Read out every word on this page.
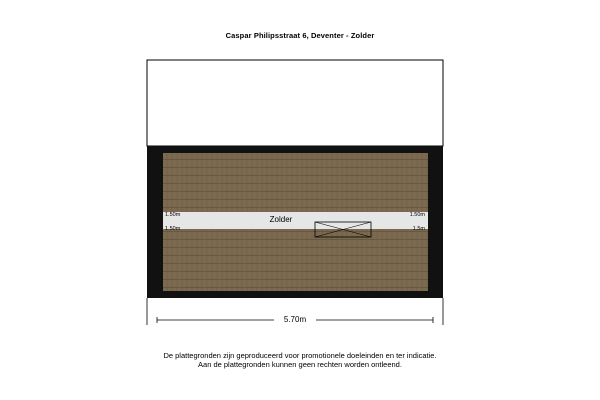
Caspar Philipsstraat 6, Deventer - Zolder
Zolder
1.50m	1.50m
1.50m	1.5m
5.70m
De plattegronden zijn geproduceerd voor promotionele doeleinden en ter indicatie.
Aan de plattegronden kunnen geen rechten worden ontleend.
